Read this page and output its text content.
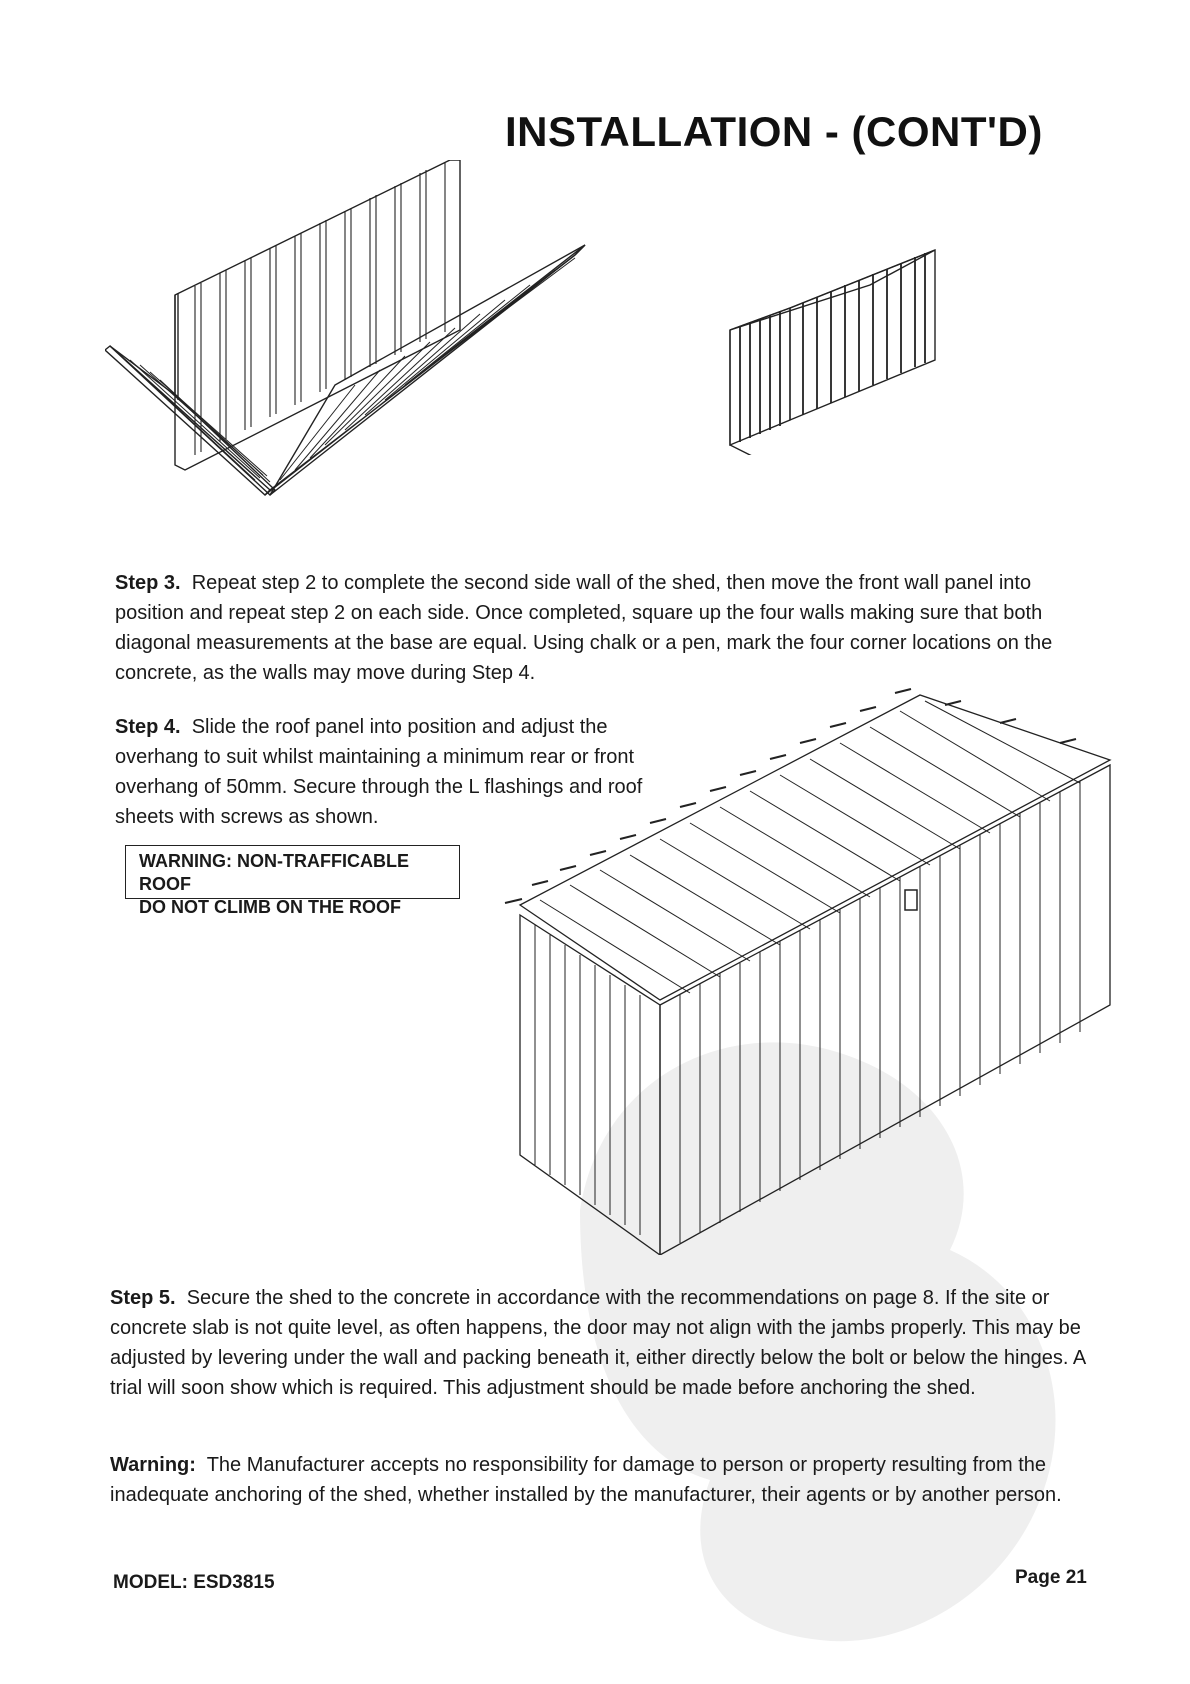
INSTALLATION - (CONT'D)

Step 3. Repeat step 2 to complete the second side wall of the shed, then move the front wall panel into position and repeat step 2 on each side. Once completed, square up the four walls making sure that both diagonal measurements at the base are equal. Using chalk or a pen, mark the four corner locations on the concrete, as the walls may move during Step 4.

Step 4. Slide the roof panel into position and adjust the overhang to suit whilst maintaining a minimum rear or front overhang of 50mm. Secure through the L flashings and roof sheets with screws as shown.

WARNING: NON-TRAFFICABLE ROOF
DO NOT CLIMB ON THE ROOF

Step 5. Secure the shed to the concrete in accordance with the recommendations on page 8. If the site or concrete slab is not quite level, as often happens, the door may not align with the jambs properly. This may be adjusted by levering under the wall and packing beneath it, either directly below the bolt or below the hinges. A trial will soon show which is required. This adjustment should be made before anchoring the shed.

Warning: The Manufacturer accepts no responsibility for damage to person or property resulting from the inadequate anchoring of the shed, whether installed by the manufacturer, their agents or by another person.

MODEL: ESD3815	Page 21
